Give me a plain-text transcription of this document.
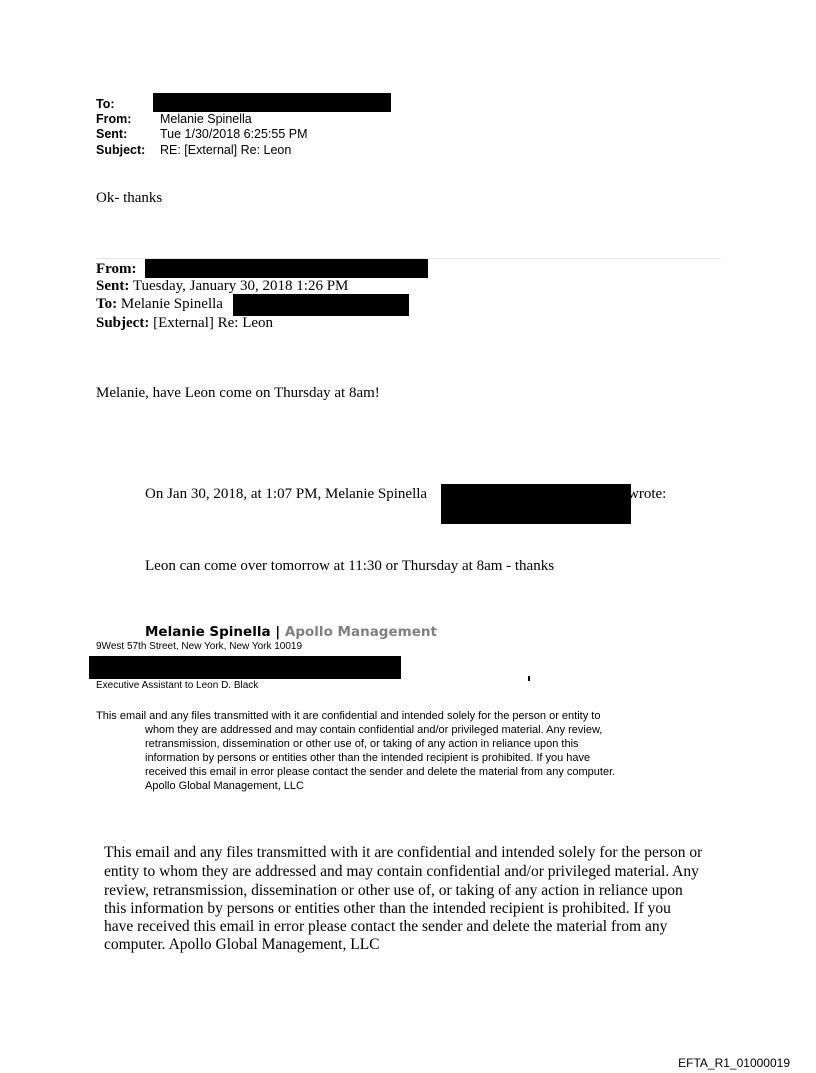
To:
From: Melanie Spinella
Sent:	Tue 1/30/2018 6:25:55 PM
Subject: RE: [External] Re: Leon
Ok- thanks
From:
Sent: Tuesday, January 30, 2018 1:26 PM
To: Melanie Spinella
Subject: [External] Re: Leon
Melanie, have Leon come on Thursday at 8am!
On Jan 30, 2018, at 1:07 PM, Melanie Spinella	wrote:
Leon can come over tomorrow at 11:30 or Thursday at 8am - thanks
Melanie Spinella | Apollo Management
9West 57th Street, New York, New York 10019
Executive Assistant to Leon D. Black
This email and any files transmitted with it are confidential and intended solely for the person or entity to
whom they are addressed and may contain confidential and/or privileged material. Any review,
retransmission, dissemination or other use of, or taking of any action in reliance upon this
information by persons or entities other than the intended recipient is prohibited. If you have
received this email in error please contact the sender and delete the material from any computer.
Apollo Global Management, LLC
This email and any files transmitted with it are confidential and intended solely for the person or
entity to whom they are addressed and may contain confidential and/or privileged material. Any
review, retransmission, dissemination or other use of, or taking of any action in reliance upon
this information by persons or entities other than the intended recipient is prohibited. If you
have received this email in error please contact the sender and delete the material from any
computer. Apollo Global Management, LLC
EFTA_R1_01000019
